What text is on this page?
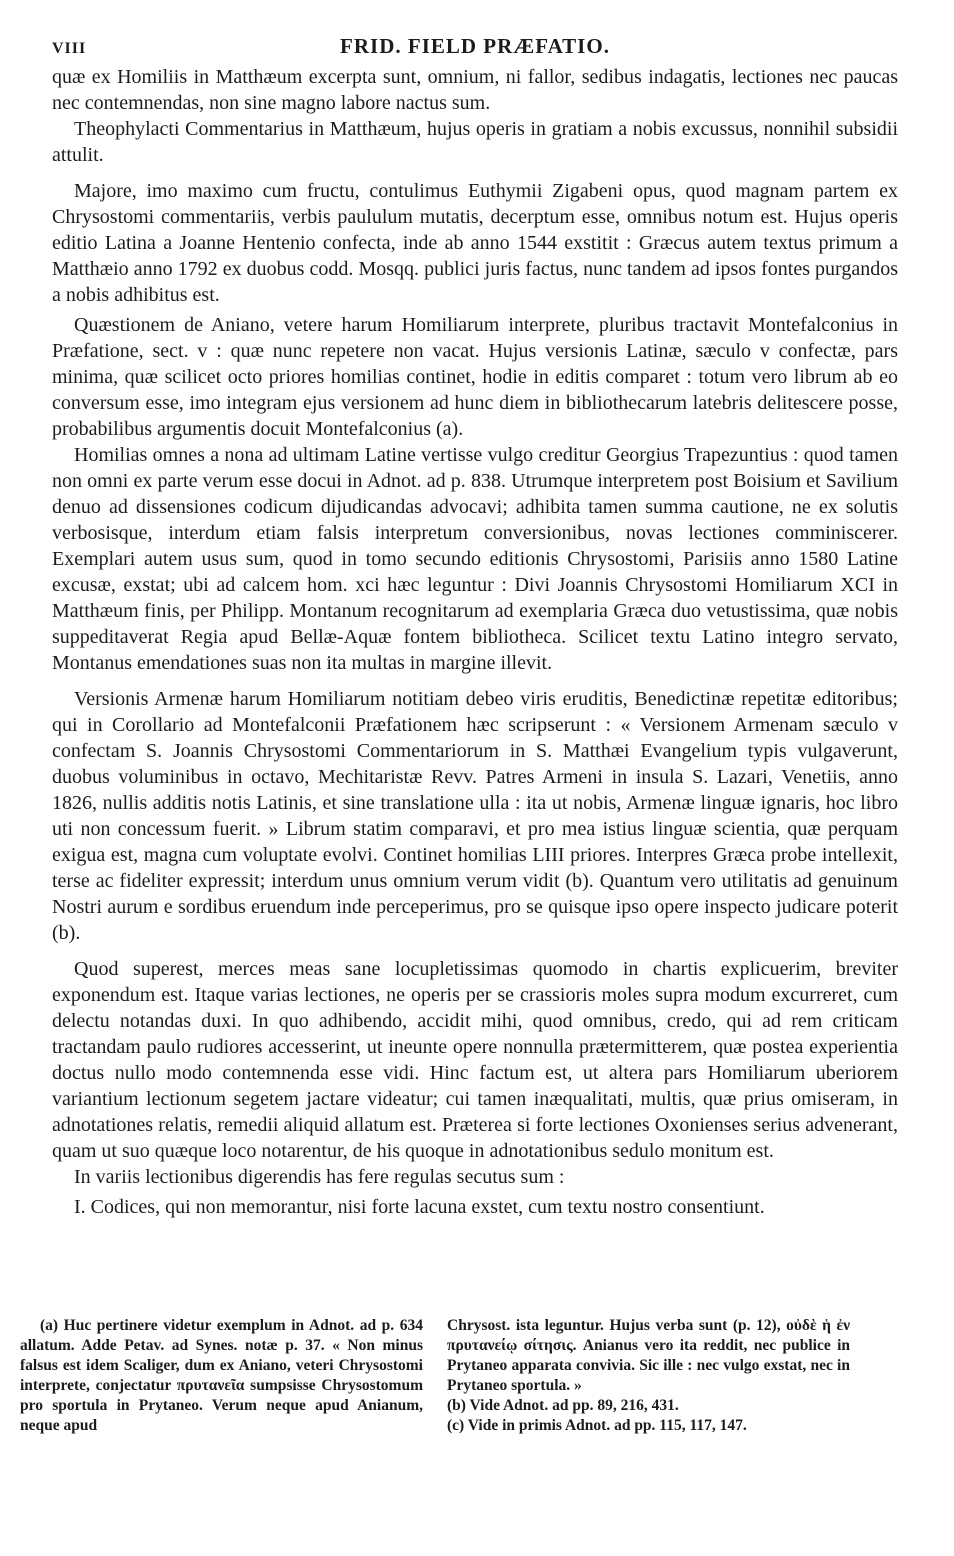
VIII	FRID. FIELD PRÆFATIO.

quæ ex Homiliis in Matthæum excerpta sunt, omnium, ni fallor, sedibus indagatis, lectiones nec paucas nec contemnendas, non sine magno labore nactus sum.

Theophylacti Commentarius in Matthæum, hujus operis in gratiam a nobis excussus, nonnihil subsidii attulit.

Majore, imo maximo cum fructu, contulimus Euthymii Zigabeni opus, quod magnam partem ex Chrysostomi commentariis, verbis paululum mutatis, decerptum esse, omnibus notum est. Hujus operis editio Latina a Joanne Hentenio confecta, inde ab anno 1544 exstitit : Græcus autem textus primum a Matthæio anno 1792 ex duobus codd. Mosqq. publici juris factus, nunc tandem ad ipsos fontes purgandos a nobis adhibitus est.

Quæstionem de Aniano, vetere harum Homiliarum interprete, pluribus tractavit Montefalconius in Præfatione, sect. v : quæ nunc repetere non vacat. Hujus versionis Latinæ, sæculo v confectæ, pars minima, quæ scilicet octo priores homilias continet, hodie in editis comparet : totum vero librum ab eo conversum esse, imo integram ejus versionem ad hunc diem in bibliothecarum latebris delitescere posse, probabilibus argumentis docuit Montefalconius (a).

Homilias omnes a nona ad ultimam Latine vertisse vulgo creditur Georgius Trapezuntius : quod tamen non omni ex parte verum esse docui in Adnot. ad p. 838. Utrumque interpretem post Boisium et Savilium denuo ad dissensiones codicum dijudicandas advocavi; adhibita tamen summa cautione, ne ex solutis verbosisque, interdum etiam falsis interpretum conversionibus, novas lectiones comminiscerer. Exemplari autem usus sum, quod in tomo secundo editionis Chrysostomi, Parisiis anno 1580 Latine excusæ, exstat; ubi ad calcem hom. xci hæc leguntur : Divi Joannis Chrysostomi Homiliarum XCI in Matthæum finis, per Philipp. Montanum recognitarum ad exemplaria Græca duo vetustissima, quæ nobis suppeditaverat Regia apud Bellæ-Aquæ fontem bibliotheca. Scilicet textu Latino integro servato, Montanus emendationes suas non ita multas in margine illevit.

Versionis Armenæ harum Homiliarum notitiam debeo viris eruditis, Benedictinæ repetitæ editoribus; qui in Corollario ad Montefalconii Præfationem hæc scripserunt : « Versionem Armenam sæculo v confectam S. Joannis Chrysostomi Commentariorum in S. Matthæi Evangelium typis vulgaverunt, duobus voluminibus in octavo, Mechitaristæ Revv. Patres Armeni in insula S. Lazari, Venetiis, anno 1826, nullis additis notis Latinis, et sine translatione ulla : ita ut nobis, Armenæ linguæ ignaris, hoc libro uti non concessum fuerit. » Librum statim comparavi, et pro mea istius linguæ scientia, quæ perquam exigua est, magna cum voluptate evolvi. Continet homilias LIII priores. Interpres Græca probe intellexit, terse ac fideliter expressit; interdum unus omnium verum vidit (b). Quantum vero utilitatis ad genuinum Nostri aurum e sordibus eruendum inde perceperimus, pro se quisque ipso opere inspecto judicare poterit (b).

Quod superest, merces meas sane locupletissimas quomodo in chartis explicuerim, breviter exponendum est. Itaque varias lectiones, ne operis per se crassioris moles supra modum excurreret, cum delectu notandas duxi. In quo adhibendo, accidit mihi, quod omnibus, credo, qui ad rem criticam tractandam paulo rudiores accesserint, ut ineunte opere nonnulla prætermitterem, quæ postea experientia doctus nullo modo contemnenda esse vidi. Hinc factum est, ut altera pars Homiliarum uberiorem variantium lectionum segetem jactare videatur; cui tamen inæqualitati, multis, quæ prius omiseram, in adnotationes relatis, remedii aliquid allatum est. Præterea si forte lectiones Oxonienses serius advenerant, quam ut suo quæque loco notarentur, de his quoque in adnotationibus sedulo monitum est.

In variis lectionibus digerendis has fere regulas secutus sum :

I. Codices, qui non memorantur, nisi forte lacuna exstet, cum textu nostro consentiunt.

(a) Huc pertinere videtur exemplum in Adnot. ad p. 634 allatum. Adde Petav. ad Synes. notæ p. 37. « Non minus falsus est idem Scaliger, dum ex Aniano, veteri Chrysostomi interprete, conjectatur πρυτανεῖα sumpsisse Chrysostomum pro sportula in Prytaneo. Verum neque apud Anianum, neque apud

Chrysost. ista leguntur. Hujus verba sunt (p. 12), οὐδὲ ἡ ἐν πρυτανείῳ σίτησις. Anianus vero ita reddit, nec publice in Prytaneo apparata convivia. Sic ille : nec vulgo exstat, nec in Prytaneo sportula. »

(b) Vide Adnot. ad pp. 89, 216, 431.

(c) Vide in primis Adnot. ad pp. 115, 117, 147.
